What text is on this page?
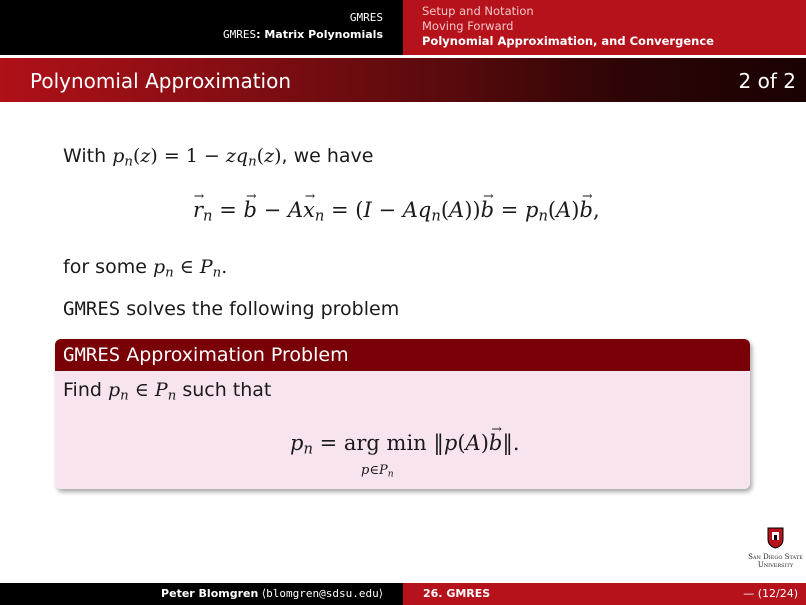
GMRES
GMRES: Matrix Polynomials
Setup and Notation
Moving Forward
Polynomial Approximation, and Convergence
Polynomial Approximation	2 of 2
With $p_n(z) = 1 - zq_n(z)$, we have
$r \to_n = b$ → − $Ax \to_n = (I - Aq_n(A))b$ → = $p_n(A)b$ →,
for some $p_n$ ∈ $P_n$.
GMRES solves the following problem
GMRES Approximation Problem
Find $p_n$ ∈ $P_n$ such that
$p_n$ = arg min ‖p(A)b →‖.
$p\in P_n$
San Diego State
University
Peter Blomgren ⟨blomgren@sdsu.edu⟩	26. GMRES	— (12/24)
